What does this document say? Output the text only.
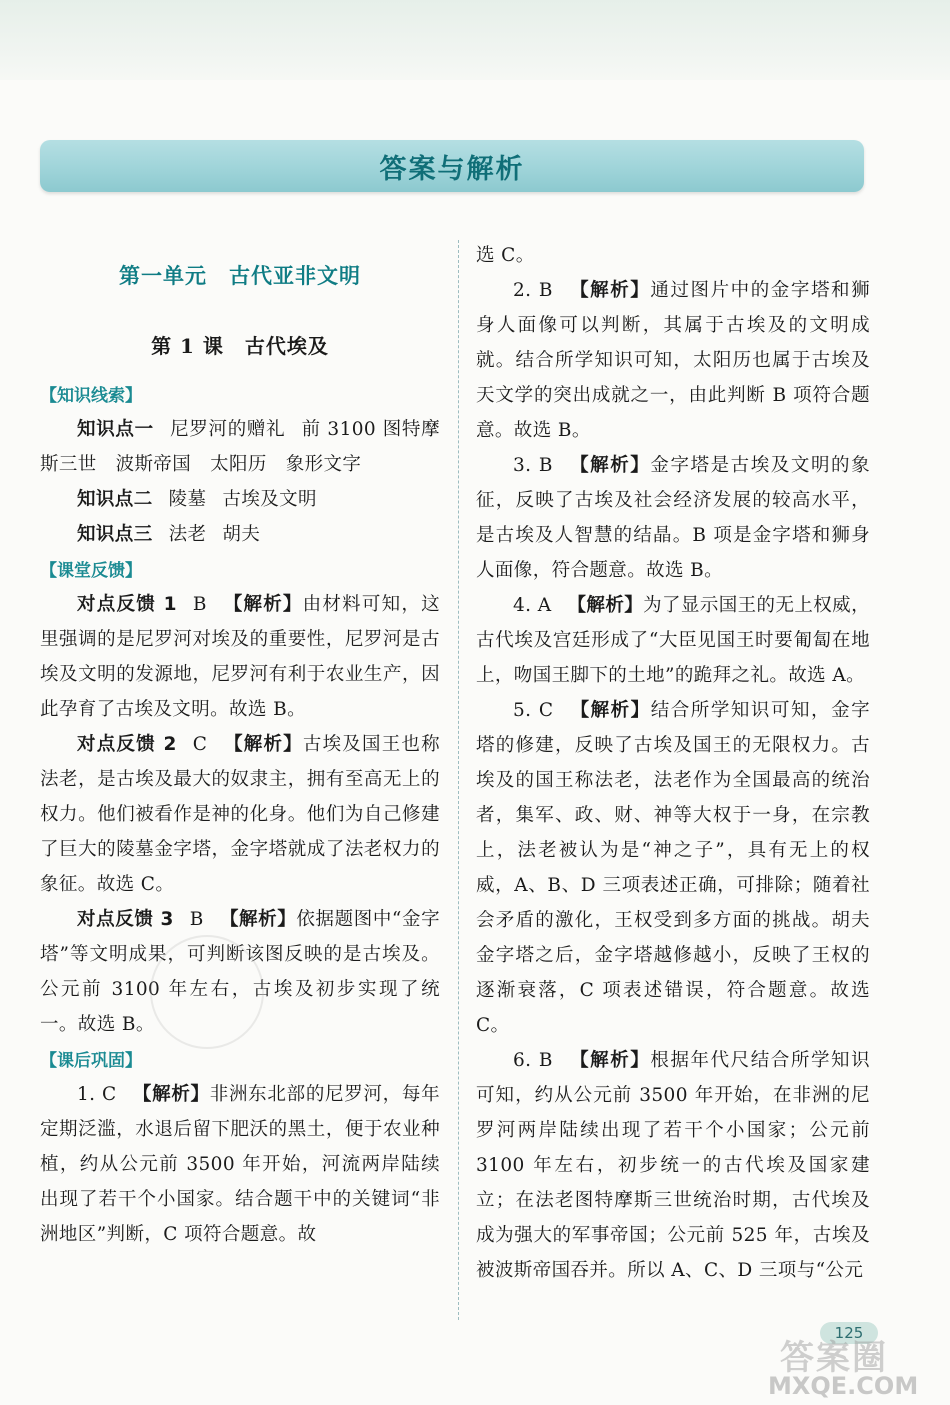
答案与解析
第一单元　古代亚非文明
第 1 课　古代埃及
【知识线索】

知识点一 尼罗河的赠礼 前 3100 图特摩斯三世　波斯帝国　太阳历　象形文字

知识点二 陵墓 古埃及文明

知识点三 法老 胡夫

【课堂反馈】

对点反馈 1 B 【解析】由材料可知，这里强调的是尼罗河对埃及的重要性，尼罗河是古埃及文明的发源地，尼罗河有利于农业生产，因此孕育了古埃及文明。故选 B。

对点反馈 2 C 【解析】古埃及国王也称法老，是古埃及最大的奴隶主，拥有至高无上的权力。他们被看作是神的化身。他们为自己修建了巨大的陵墓金字塔，金字塔就成了法老权力的象征。故选 C。

对点反馈 3 B 【解析】依据题图中“金字塔”等文明成果，可判断该图反映的是古埃及。公元前 3100 年左右，古埃及初步实现了统一。故选 B。

【课后巩固】

1. C 【解析】非洲东北部的尼罗河，每年定期泛滥，水退后留下肥沃的黑土，便于农业种植，约从公元前 3500 年开始，河流两岸陆续出现了若干个小国家。结合题干中的关键词“非洲地区”判断，C 项符合题意。故

选 C。

2. B 【解析】通过图片中的金字塔和狮身人面像可以判断，其属于古埃及的文明成就。结合所学知识可知，太阳历也属于古埃及天文学的突出成就之一，由此判断 B 项符合题意。故选 B。

3. B 【解析】金字塔是古埃及文明的象征，反映了古埃及社会经济发展的较高水平，是古埃及人智慧的结晶。B 项是金字塔和狮身人面像，符合题意。故选 B。

4. A 【解析】为了显示国王的无上权威，古代埃及宫廷形成了“大臣见国王时要匍匐在地上，吻国王脚下的土地”的跪拜之礼。故选 A。

5. C 【解析】结合所学知识可知，金字塔的修建，反映了古埃及国王的无限权力。古埃及的国王称法老，法老作为全国最高的统治者，集军、政、财、神等大权于一身，在宗教上，法老被认为是“神之子”，具有无上的权威，A、B、D 三项表述正确，可排除；随着社会矛盾的激化，王权受到多方面的挑战。胡夫金字塔之后，金字塔越修越小，反映了王权的逐渐衰落，C 项表述错误，符合题意。故选 C。

6. B 【解析】根据年代尺结合所学知识可知，约从公元前 3500 年开始，在非洲的尼罗河两岸陆续出现了若干个小国家；公元前 3100 年左右，初步统一的古代埃及国家建立；在法老图特摩斯三世统治时期，古代埃及成为强大的军事帝国；公元前 525 年，古埃及被波斯帝国吞并。所以 A、C、D 三项与“公元

125
答案圈
MXQE.COM
